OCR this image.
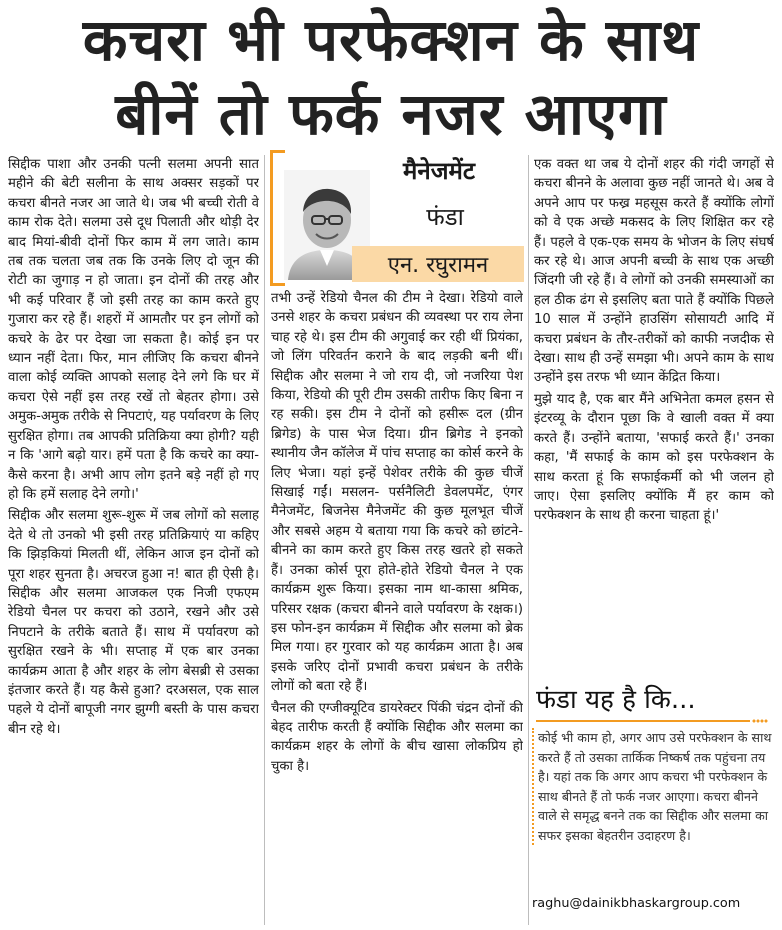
कचरा भी परफेक्शन के साथ
बीनें तो फर्क नजर आएगा

सिद्दीक पाशा और उनकी पत्नी सलमा अपनी सात महीने की बेटी सलीना के साथ अक्सर सड़कों पर कचरा बीनते नजर आ जाते थे। जब भी बच्ची रोती वे काम रोक देते। सलमा उसे दूध पिलाती और थोड़ी देर बाद मियां-बीवी दोनों फिर काम में लग जाते। काम तब तक चलता जब तक कि उनके लिए दो जून की रोटी का जुगाड़ न हो जाता। इन दोनों की तरह और भी कई परिवार हैं जो इसी तरह का काम करते हुए गुजारा कर रहे हैं। शहरों में आमतौर पर इन लोगों को कचरे के ढेर पर देखा जा सकता है। कोई इन पर ध्यान नहीं देता। फिर, मान लीजिए कि कचरा बीनने वाला कोई व्यक्ति आपको सलाह देने लगे कि घर में कचरा ऐसे नहीं इस तरह रखें तो बेहतर होगा। उसे अमुक-अमुक तरीके से निपटाएं, यह पर्यावरण के लिए सुरक्षित होगा। तब आपकी प्रतिक्रिया क्या होगी? यही न कि 'आगे बढ़ो यार। हमें पता है कि कचरे का क्या-कैसे करना है। अभी आप लोग इतने बड़े नहीं हो गए हो कि हमें सलाह देने लगो।'

सिद्दीक और सलमा शुरू-शुरू में जब लोगों को सलाह देते थे तो उनको भी इसी तरह प्रतिक्रियाएं या कहिए कि झिड़कियां मिलती थीं, लेकिन आज इन दोनों को पूरा शहर सुनता है। अचरज हुआ न! बात ही ऐसी है। सिद्दीक और सलमा आजकल एक निजी एफएम रेडियो चैनल पर कचरा को उठाने, रखने और उसे निपटाने के तरीके बताते हैं। साथ में पर्यावरण को सुरक्षित रखने के भी। सप्ताह में एक बार उनका कार्यक्रम आता है और शहर के लोग बेसब्री से उसका इंतजार करते हैं। यह कैसे हुआ? दरअसल, एक साल पहले ये दोनों बापूजी नगर झुग्गी बस्ती के पास कचरा बीन रहे थे।

मैनेजमेंट
फंडा
एन. रघुरामन

तभी उन्हें रेडियो चैनल की टीम ने देखा। रेडियो वाले उनसे शहर के कचरा प्रबंधन की व्यवस्था पर राय लेना चाह रहे थे। इस टीम की अगुवाई कर रही थीं प्रियंका, जो लिंग परिवर्तन कराने के बाद लड़की बनी थीं। सिद्दीक और सलमा ने जो राय दी, जो नजरिया पेश किया, रेडियो की पूरी टीम उसकी तारीफ किए बिना न रह सकी। इस टीम ने दोनों को हसीरू दल (ग्रीन ब्रिगेड) के पास भेज दिया। ग्रीन ब्रिगेड ने इनको स्थानीय जैन कॉलेज में पांच सप्ताह का कोर्स करने के लिए भेजा। यहां इन्हें पेशेवर तरीके की कुछ चीजें सिखाई गईं। मसलन- पर्सनैलिटी डेवलपमेंट, एंगर मैनेजमेंट, बिजनेस मैनेजमेंट की कुछ मूलभूत चीजें और सबसे अहम ये बताया गया कि कचरे को छांटने-बीनने का काम करते हुए किस तरह खतरे हो सकते हैं। उनका कोर्स पूरा होते-होते रेडियो चैनल ने एक कार्यक्रम शुरू किया। इसका नाम था-कासा श्रमिक, परिसर रक्षक (कचरा बीनने वाले पर्यावरण के रक्षक।) इस फोन-इन कार्यक्रम में सिद्दीक और सलमा को ब्रेक मिल गया। हर गुरवार को यह कार्यक्रम आता है। अब इसके जरिए दोनों प्रभावी कचरा प्रबंधन के तरीके लोगों को बता रहे हैं।

चैनल की एग्जीक्यूटिव डायरेक्टर पिंकी चंद्रन दोनों की बेहद तारीफ करती हैं क्योंकि सिद्दीक और सलमा का कार्यक्रम शहर के लोगों के बीच खासा लोकप्रिय हो चुका है।

एक वक्त था जब ये दोनों शहर की गंदी जगहों से कचरा बीनने के अलावा कुछ नहीं जानते थे। अब वे अपने आप पर फख्र महसूस करते हैं क्योंकि लोगों को वे एक अच्छे मकसद के लिए शिक्षित कर रहे हैं। पहले वे एक-एक समय के भोजन के लिए संघर्ष कर रहे थे। आज अपनी बच्ची के साथ एक अच्छी जिंदगी जी रहे हैं। वे लोगों को उनकी समस्याओं का हल ठीक ढंग से इसलिए बता पाते हैं क्योंकि पिछले 10 साल में उन्होंने हाउसिंग सोसायटी आदि में कचरा प्रबंधन के तौर-तरीकों को काफी नजदीक से देखा। साथ ही उन्हें समझा भी। अपने काम के साथ उन्होंने इस तरफ भी ध्यान केंद्रित किया।

मुझे याद है, एक बार मैंने अभिनेता कमल हसन से इंटरव्यू के दौरान पूछा कि वे खाली वक्त में क्या करते हैं। उन्होंने बताया, 'सफाई करते हैं।' उनका कहा, 'मैं सफाई के काम को इस परफेक्शन के साथ करता हूं कि सफाईकर्मी को भी जलन हो जाए। ऐसा इसलिए क्योंकि मैं हर काम को परफेक्शन के साथ ही करना चाहता हूं।'

फंडा यह है कि...
कोई भी काम हो, अगर आप उसे परफेक्शन के साथ करते हैं तो उसका तार्किक निष्कर्ष तक पहुंचना तय है। यहां तक कि अगर आप कचरा भी परफेक्शन के साथ बीनते हैं तो फर्क नजर आएगा। कचरा बीनने वाले से समृद्ध बनने तक का सिद्दीक और सलमा का सफर इसका बेहतरीन उदाहरण है।
raghu@dainikbhaskargroup.com
